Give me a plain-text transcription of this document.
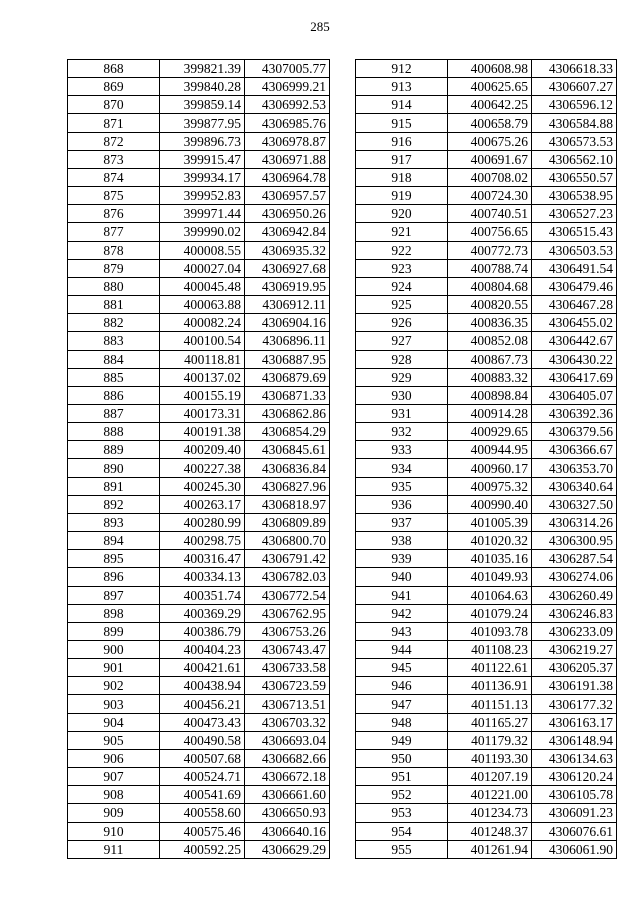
285
868	399821.39	4307005.77
869	399840.28	4306999.21
870	399859.14	4306992.53
871	399877.95	4306985.76
872	399896.73	4306978.87
873	399915.47	4306971.88
874	399934.17	4306964.78
875	399952.83	4306957.57
876	399971.44	4306950.26
877	399990.02	4306942.84
878	400008.55	4306935.32
879	400027.04	4306927.68
880	400045.48	4306919.95
881	400063.88	4306912.11
882	400082.24	4306904.16
883	400100.54	4306896.11
884	400118.81	4306887.95
885	400137.02	4306879.69
886	400155.19	4306871.33
887	400173.31	4306862.86
888	400191.38	4306854.29
889	400209.40	4306845.61
890	400227.38	4306836.84
891	400245.30	4306827.96
892	400263.17	4306818.97
893	400280.99	4306809.89
894	400298.75	4306800.70
895	400316.47	4306791.42
896	400334.13	4306782.03
897	400351.74	4306772.54
898	400369.29	4306762.95
899	400386.79	4306753.26
900	400404.23	4306743.47
901	400421.61	4306733.58
902	400438.94	4306723.59
903	400456.21	4306713.51
904	400473.43	4306703.32
905	400490.58	4306693.04
906	400507.68	4306682.66
907	400524.71	4306672.18
908	400541.69	4306661.60
909	400558.60	4306650.93
910	400575.46	4306640.16
911	400592.25	4306629.29
912	400608.98	4306618.33
913	400625.65	4306607.27
914	400642.25	4306596.12
915	400658.79	4306584.88
916	400675.26	4306573.53
917	400691.67	4306562.10
918	400708.02	4306550.57
919	400724.30	4306538.95
920	400740.51	4306527.23
921	400756.65	4306515.43
922	400772.73	4306503.53
923	400788.74	4306491.54
924	400804.68	4306479.46
925	400820.55	4306467.28
926	400836.35	4306455.02
927	400852.08	4306442.67
928	400867.73	4306430.22
929	400883.32	4306417.69
930	400898.84	4306405.07
931	400914.28	4306392.36
932	400929.65	4306379.56
933	400944.95	4306366.67
934	400960.17	4306353.70
935	400975.32	4306340.64
936	400990.40	4306327.50
937	401005.39	4306314.26
938	401020.32	4306300.95
939	401035.16	4306287.54
940	401049.93	4306274.06
941	401064.63	4306260.49
942	401079.24	4306246.83
943	401093.78	4306233.09
944	401108.23	4306219.27
945	401122.61	4306205.37
946	401136.91	4306191.38
947	401151.13	4306177.32
948	401165.27	4306163.17
949	401179.32	4306148.94
950	401193.30	4306134.63
951	401207.19	4306120.24
952	401221.00	4306105.78
953	401234.73	4306091.23
954	401248.37	4306076.61
955	401261.94	4306061.90
